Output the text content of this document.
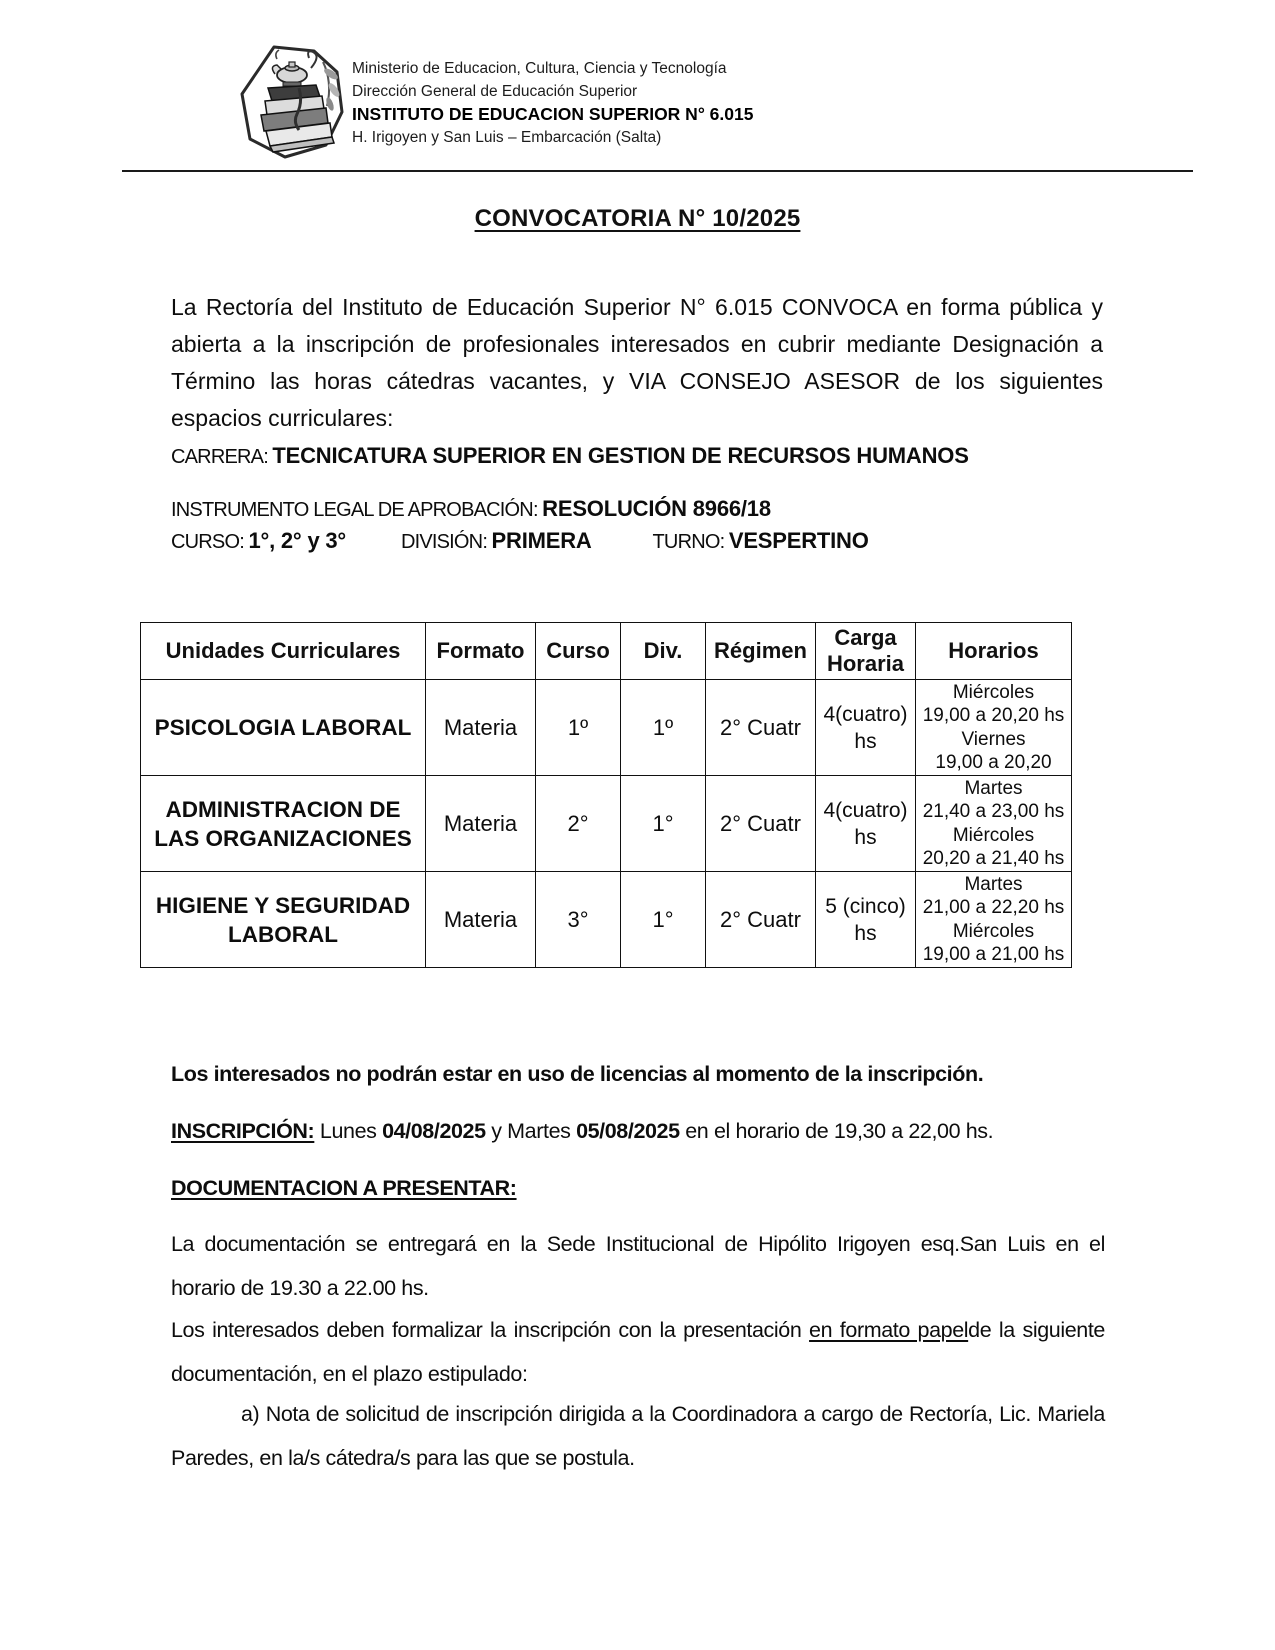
Ministerio de Educacion, Cultura, Ciencia y Tecnología
Dirección General de Educación Superior
INSTITUTO DE EDUCACION SUPERIOR N° 6.015
H. Irigoyen y San Luis – Embarcación (Salta)
CONVOCATORIA N° 10/2025

La Rectoría del Instituto de Educación Superior N° 6.015 CONVOCA en forma pública y abierta a la inscripción de profesionales interesados en cubrir mediante Designación a Término las horas cátedras vacantes, y VIA CONSEJO ASESOR de los siguientes espacios curriculares:

CARRERA: TECNICATURA SUPERIOR EN GESTION DE RECURSOS HUMANOS
INSTRUMENTO LEGAL DE APROBACIÓN: RESOLUCIÓN 8966/18
CURSO: 1°, 2° y 3°	DIVISIÓN: PRIMERA	TURNO: VESPERTINO
Unidades Curriculares	Formato	Curso	Div.	Régimen	Carga Horaria	Horarios
PSICOLOGIA LABORAL	Materia	1º	1º	2° Cuatr	4(cuatro) hs	Miércoles
19,00 a 20,20 hs
Viernes
19,00 a 20,20

ADMINISTRACION DE LAS ORGANIZACIONES	Materia	2°	1°	2° Cuatr	4(cuatro) hs	Martes
21,40 a 23,00 hs
Miércoles
20,20 a 21,40 hs

HIGIENE Y SEGURIDAD LABORAL	Materia	3°	1°	2° Cuatr	5 (cinco) hs	Martes
21,00 a 22,20 hs
Miércoles
19,00 a 21,00 hs
Los interesados no podrán estar en uso de licencias al momento de la inscripción.
INSCRIPCIÓN: Lunes 04/08/2025 y Martes 05/08/2025 en el horario de 19,30 a 22,00 hs.
DOCUMENTACION A PRESENTAR:

La documentación se entregará en la Sede Institucional de Hipólito Irigoyen esq.San Luis en el horario de 19.30 a 22.00 hs.

Los interesados deben formalizar la inscripción con la presentación en formato papelde la siguiente documentación, en el plazo estipulado:

a) Nota de solicitud de inscripción dirigida a la Coordinadora a cargo de Rectoría, Lic. Mariela Paredes, en la/s cátedra/s para las que se postula.
